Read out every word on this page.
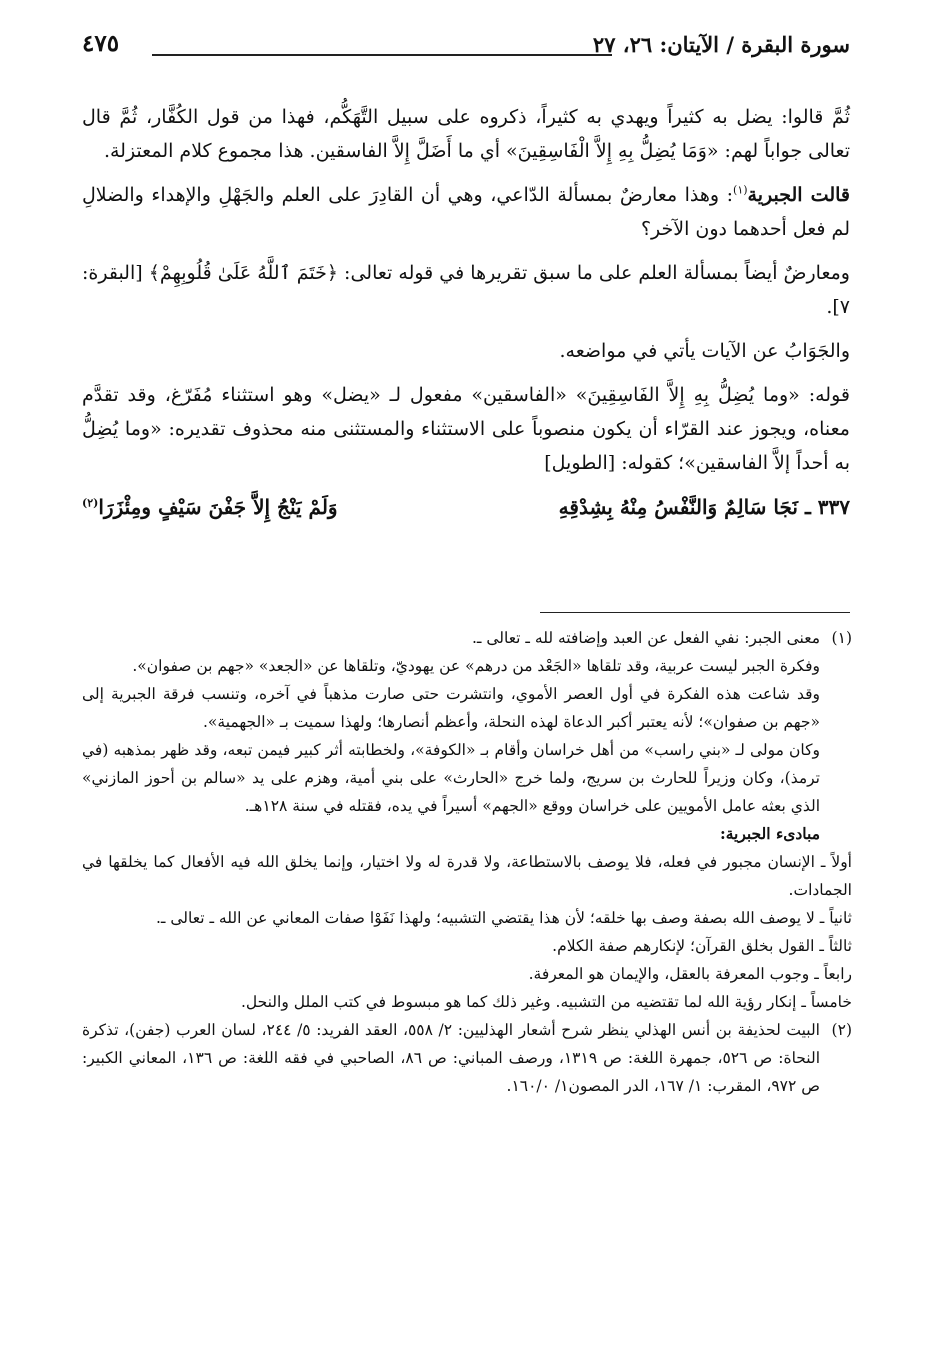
سورة البقرة / الآيتان: ٢٦، ٢٧
٤٧٥

ثُمَّ قالوا: يضل به كثيراً ويهدي به كثيراً، ذكروه على سبيل التَّهَكُّم، فهذا من قول الكُفَّار، ثُمَّ قال تعالى جواباً لهم: «وَمَا يُضِلُّ بِهِ إِلاَّ الْفَاسِقِينَ» أي ما أَضَلَّ إِلاَّ الفاسقين. هذا مجموع كلام المعتزلة.

قالت الجبرية$^{(١)}$: وهذا معارضٌ بمسألة الدّاعي، وهي أن القادِرَ على العلم والجَهْلِ والإهداء والضلالِ لم فعل أحدهما دون الآخر؟

ومعارضٌ أيضاً بمسألة العلم على ما سبق تقريرها في قوله تعالى: ﴿خَتَمَ ٱللَّهُ عَلَىٰ قُلُوبِهِمْ﴾ [البقرة: ٧].

والجَوَابُ عن الآيات يأتي في مواضعه.

قوله: «وما يُضِلُّ بِهِ إِلاَّ الفَاسِقِينَ» «الفاسقين» مفعول لـ «يضل» وهو استثناء مُفَرّغ، وقد تقدَّم معناه، ويجوز عند القرّاء أن يكون منصوباً على الاستثناء والمستثنى منه محذوف تقديره: «وما يُضِلُّ به أحداً إلاَّ الفاسقين»؛ كقوله: [الطويل]

٣٣٧ ـ نَجَا سَالِمٌ وَالنَّفْسُ مِنْهُ بِشِدْقِهِ
وَلَمْ يَنْجُ إِلاَّ جَفْنَ سَيْفٍ ومِئْزَرَا$^{(٢)}$

(١)
معنى الجبر: نفي الفعل عن العبد وإضافته لله ـ تعالى ـ.

وفكرة الجبر ليست عربية، وقد تلقاها «الجَعْد من درهم» عن يهوديّ، وتلقاها عن «الجعد» «جهم بن صفوان».

وقد شاعت هذه الفكرة في أول العصر الأموي، وانتشرت حتى صارت مذهباً في آخره، وتنسب فرقة الجبرية إلى «جهم بن صفوان»؛ لأنه يعتبر أكبر الدعاة لهذه النحلة، وأعظم أنصارها؛ ولهذا سميت بـ «الجهمية».

وكان مولى لـ «بني راسب» من أهل خراسان وأقام بـ «الكوفة»، ولخطابته أثر كبير فيمن تبعه، وقد ظهر بمذهبه (في ترمذ)، وكان وزيراً للحارث بن سريج، ولما خرج «الحارث» على بني أمية، وهزم على يد «سالم بن أحوز المازني» الذي بعثه عامل الأمويين على خراسان ووقع «الجهم» أسيراً في يده، فقتله في سنة ١٢٨هـ.

مبادىء الجبرية:

أولاً ـ الإنسان مجبور في فعله، فلا يوصف بالاستطاعة، ولا قدرة له ولا اختيار، وإنما يخلق الله فيه الأفعال كما يخلقها في الجمادات.

ثانياً ـ لا يوصف الله بصفة وصف بها خلقه؛ لأن هذا يقتضي التشبيه؛ ولهذا نَفَوْا صفات المعاني عن الله ـ تعالى ـ.

ثالثاً ـ القول بخلق القرآن؛ لإنكارهم صفة الكلام.

رابعاً ـ وجوب المعرفة بالعقل، والإيمان هو المعرفة.

خامساً ـ إنكار رؤية الله لما تقتضيه من التشبيه. وغير ذلك كما هو مبسوط في كتب الملل والنحل.

(٢)
البيت لحذيفة بن أنس الهذلي ينظر شرح أشعار الهذليين: ٢/ ٥٥٨، العقد الفريد: ٥/ ٢٤٤، لسان العرب (جفن)، تذكرة النحاة: ص ٥٢٦، جمهرة اللغة: ص ١٣١٩، ورصف المباني: ص ٨٦، الصاحبي في فقه اللغة: ص ١٣٦، المعاني الكبير: ص ٩٧٢، المقرب: ١/ ١٦٧، الدر المصون١/ ١٦٠/٠.
